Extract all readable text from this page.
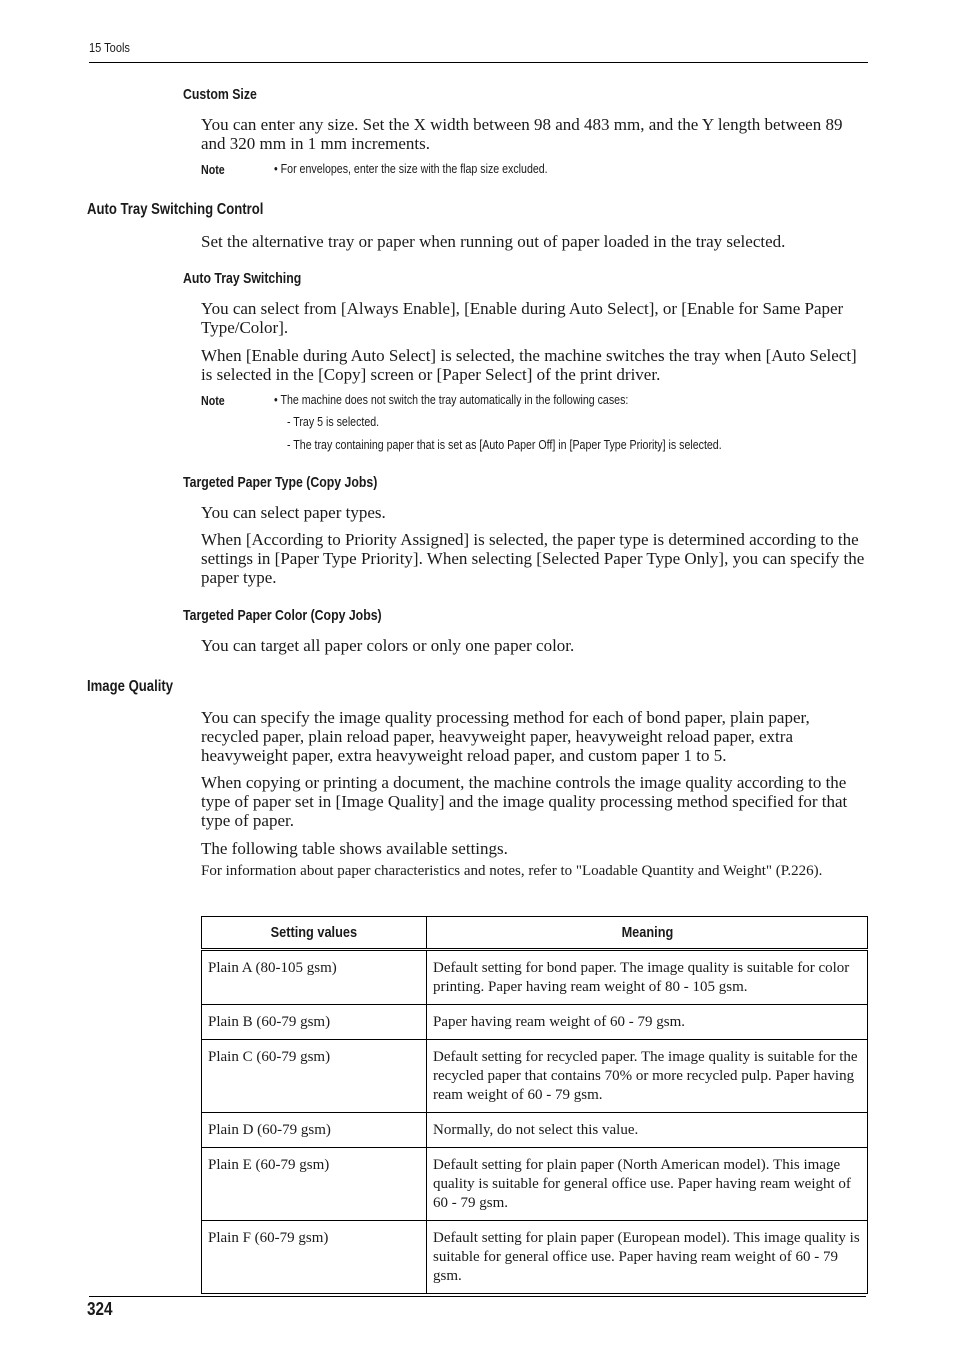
15 Tools
Custom Size

You can enter any size. Set the X width between 98 and 483 mm, and the Y length between 89 and 320 mm in 1 mm increments.

Note	• For envelopes, enter the size with the flap size excluded.
Auto Tray Switching Control

Set the alternative tray or paper when running out of paper loaded in the tray selected.

Auto Tray Switching

You can select from [Always Enable], [Enable during Auto Select], or [Enable for Same Paper Type/Color].

When [Enable during Auto Select] is selected, the machine switches the tray when [Auto Select] is selected in the [Copy] screen or [Paper Select] of the print driver.

Note	• The machine does not switch the tray automatically in the following cases:
- Tray 5 is selected.
- The tray containing paper that is set as [Auto Paper Off] in [Paper Type Priority] is selected.
Targeted Paper Type (Copy Jobs)

You can select paper types.

When [According to Priority Assigned] is selected, the paper type is determined according to the settings in [Paper Type Priority]. When selecting [Selected Paper Type Only], you can specify the paper type.

Targeted Paper Color (Copy Jobs)

You can target all paper colors or only one paper color.

Image Quality

You can specify the image quality processing method for each of bond paper, plain paper, recycled paper, plain reload paper, heavyweight paper, heavyweight reload paper, extra heavyweight paper, extra heavyweight reload paper, and custom paper 1 to 5.

When copying or printing a document, the machine controls the image quality according to the type of paper set in [Image Quality] and the image quality processing method specified for that type of paper.

The following table shows available settings.

For information about paper characteristics and notes, refer to "Loadable Quantity and Weight" (P.226).

Setting values	Meaning
Plain A (80-105 gsm)	Default setting for bond paper. The image quality is suitable for color printing. Paper having ream weight of 80 - 105 gsm.
Plain B (60-79 gsm)	Paper having ream weight of 60 - 79 gsm.
Plain C (60-79 gsm)	Default setting for recycled paper. The image quality is suitable for the recycled paper that contains 70% or more recycled pulp. Paper having ream weight of 60 - 79 gsm.
Plain D (60-79 gsm)	Normally, do not select this value.
Plain E (60-79 gsm)	Default setting for plain paper (North American model). This image quality is suitable for general office use. Paper having ream weight of 60 - 79 gsm.
Plain F (60-79 gsm)	Default setting for plain paper (European model). This image quality is suitable for general office use. Paper having ream weight of 60 - 79 gsm.
324
